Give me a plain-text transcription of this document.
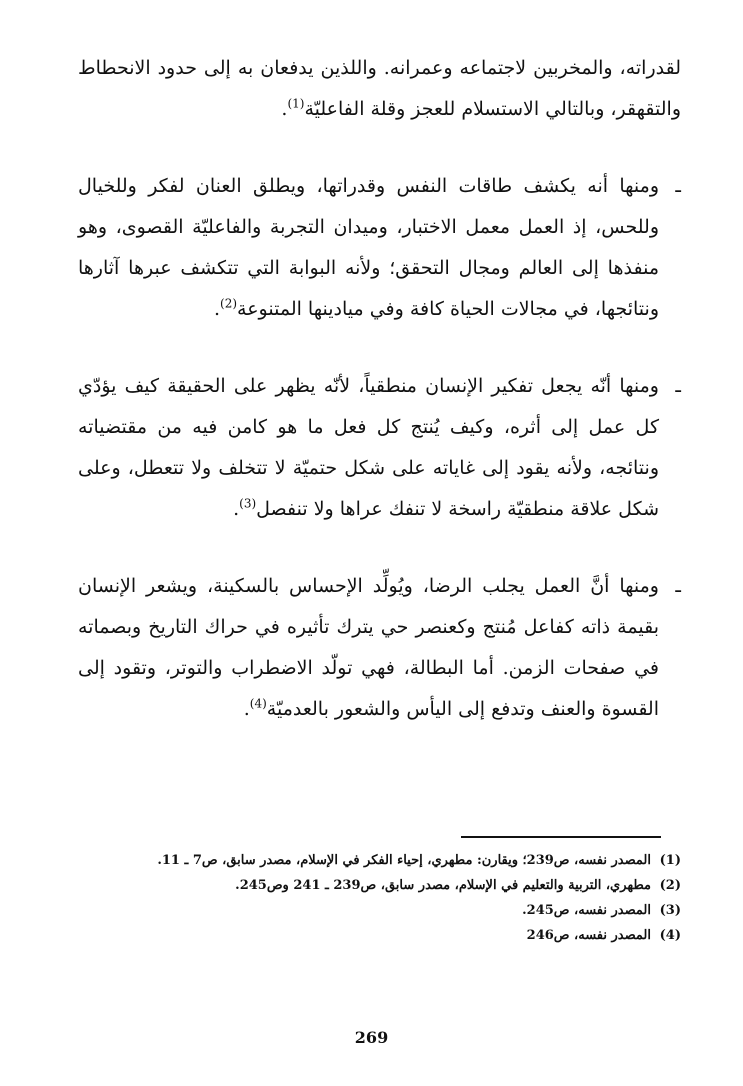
لقدراته، والمخربين لاجتماعه وعمرانه. واللذين يدفعان به إلى حدود الانحطاط والتقهقر، وبالتالي الاستسلام للعجز وقلة الفاعليّة$^{(1)}$.

ـ
ومنها أنه يكشف طاقات النفس وقدراتها، ويطلق العنان لفكر وللخيال وللحس، إذ العمل معمل الاختبار، وميدان التجربة والفاعليّة القصوى، وهو منفذها إلى العالم ومجال التحقق؛ ولأنه البوابة التي تتكشف عبرها آثارها ونتائجها، في مجالات الحياة كافة وفي ميادينها المتنوعة$^{(2)}$.
ـ
ومنها أنّه يجعل تفكير الإنسان منطقياً، لأنّه يظهر على الحقيقة كيف يؤدّي كل عمل إلى أثره، وكيف يُنتج كل فعل ما هو كامن فيه من مقتضياته ونتائجه، ولأنه يقود إلى غاياته على شكل حتميّة لا تتخلف ولا تتعطل، وعلى شكل علاقة منطقيّة راسخة لا تنفك عراها ولا تنفصل$^{(3)}$.
ـ
ومنها أنَّ العمل يجلب الرضا، ويُولِّد الإحساس بالسكينة، ويشعر الإنسان بقيمة ذاته كفاعل مُنتج وكعنصر حي يترك تأثيره في حراك التاريخ وبصماته في صفحات الزمن. أما البطالة، فهي تولّد الاضطراب والتوتر، وتقود إلى القسوة والعنف وتدفع إلى اليأس والشعور بالعدميّة$^{(4)}$.
(1)
المصدر نفسه، ص239؛ ويقارن: مطهري، إحياء الفكر في الإسلام، مصدر سابق، ص7 ـ 11.
(2)
مطهري، التربية والتعليم في الإسلام، مصدر سابق، ص239 ـ 241 وص245.
(3)
المصدر نفسه، ص245.
(4)
المصدر نفسه، ص246
269
